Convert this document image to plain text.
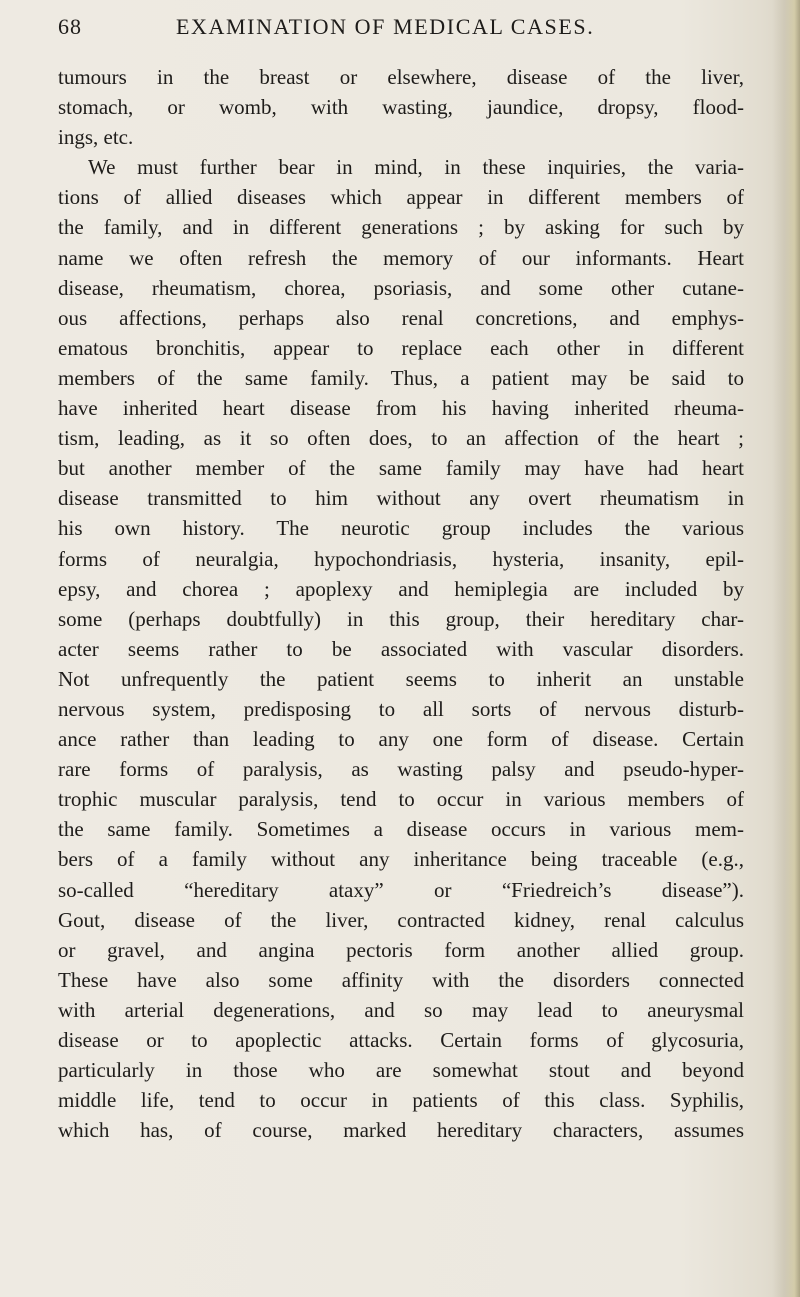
68	EXAMINATION OF MEDICAL CASES.
tumours in the breast or elsewhere, disease of the liver,
stomach, or womb, with wasting, jaundice, dropsy, flood-
ings, etc.
We must further bear in mind, in these inquiries, the varia-
tions of allied diseases which appear in different members of
the family, and in different generations ; by asking for such by
name we often refresh the memory of our informants. Heart
disease, rheumatism, chorea, psoriasis, and some other cutane-
ous affections, perhaps also renal concretions, and emphys-
ematous bronchitis, appear to replace each other in different
members of the same family. Thus, a patient may be said to
have inherited heart disease from his having inherited rheuma-
tism, leading, as it so often does, to an affection of the heart ;
but another member of the same family may have had heart
disease transmitted to him without any overt rheumatism in
his own history. The neurotic group includes the various
forms of neuralgia, hypochondriasis, hysteria, insanity, epil-
epsy, and chorea ; apoplexy and hemiplegia are included by
some (perhaps doubtfully) in this group, their hereditary char-
acter seems rather to be associated with vascular disorders.
Not unfrequently the patient seems to inherit an unstable
nervous system, predisposing to all sorts of nervous disturb-
ance rather than leading to any one form of disease. Certain
rare forms of paralysis, as wasting palsy and pseudo-hyper-
trophic muscular paralysis, tend to occur in various members of
the same family. Sometimes a disease occurs in various mem-
bers of a family without any inheritance being traceable (e.g.,
so-called “hereditary ataxy” or “Friedreich’s disease”).
Gout, disease of the liver, contracted kidney, renal calculus
or gravel, and angina pectoris form another allied group.
These have also some affinity with the disorders connected
with arterial degenerations, and so may lead to aneurysmal
disease or to apoplectic attacks. Certain forms of glycosuria,
particularly in those who are somewhat stout and beyond
middle life, tend to occur in patients of this class. Syphilis,
which has, of course, marked hereditary characters, assumes
